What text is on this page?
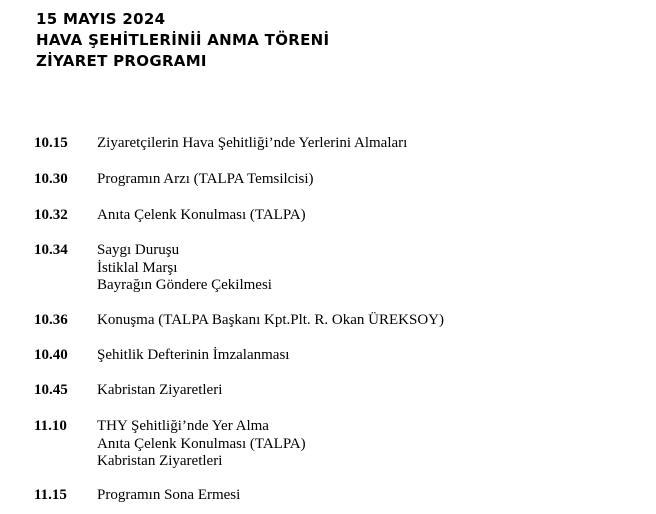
15 MAYIS 2024
HAVA ŞEHİTLERİNİİ ANMA TÖRENİ
ZİYARET PROGRAMI
10.15	Ziyaretçilerin Hava Şehitliği’nde Yerlerini Almaları
10.30	Programın Arzı (TALPA Temsilcisi)
10.32	Anıta Çelenk Konulması (TALPA)
10.34	Saygı Duruşu
İstiklal Marşı
Bayrağın Göndere Çekilmesi
10.36	Konuşma (TALPA Başkanı Kpt.Plt. R. Okan ÜREKSOY)
10.40	Şehitlik Defterinin İmzalanması
10.45	Kabristan Ziyaretleri
11.10	THY Şehitliği’nde Yer Alma
Anıta Çelenk Konulması (TALPA)
Kabristan Ziyaretleri
11.15	Programın Sona Ermesi
